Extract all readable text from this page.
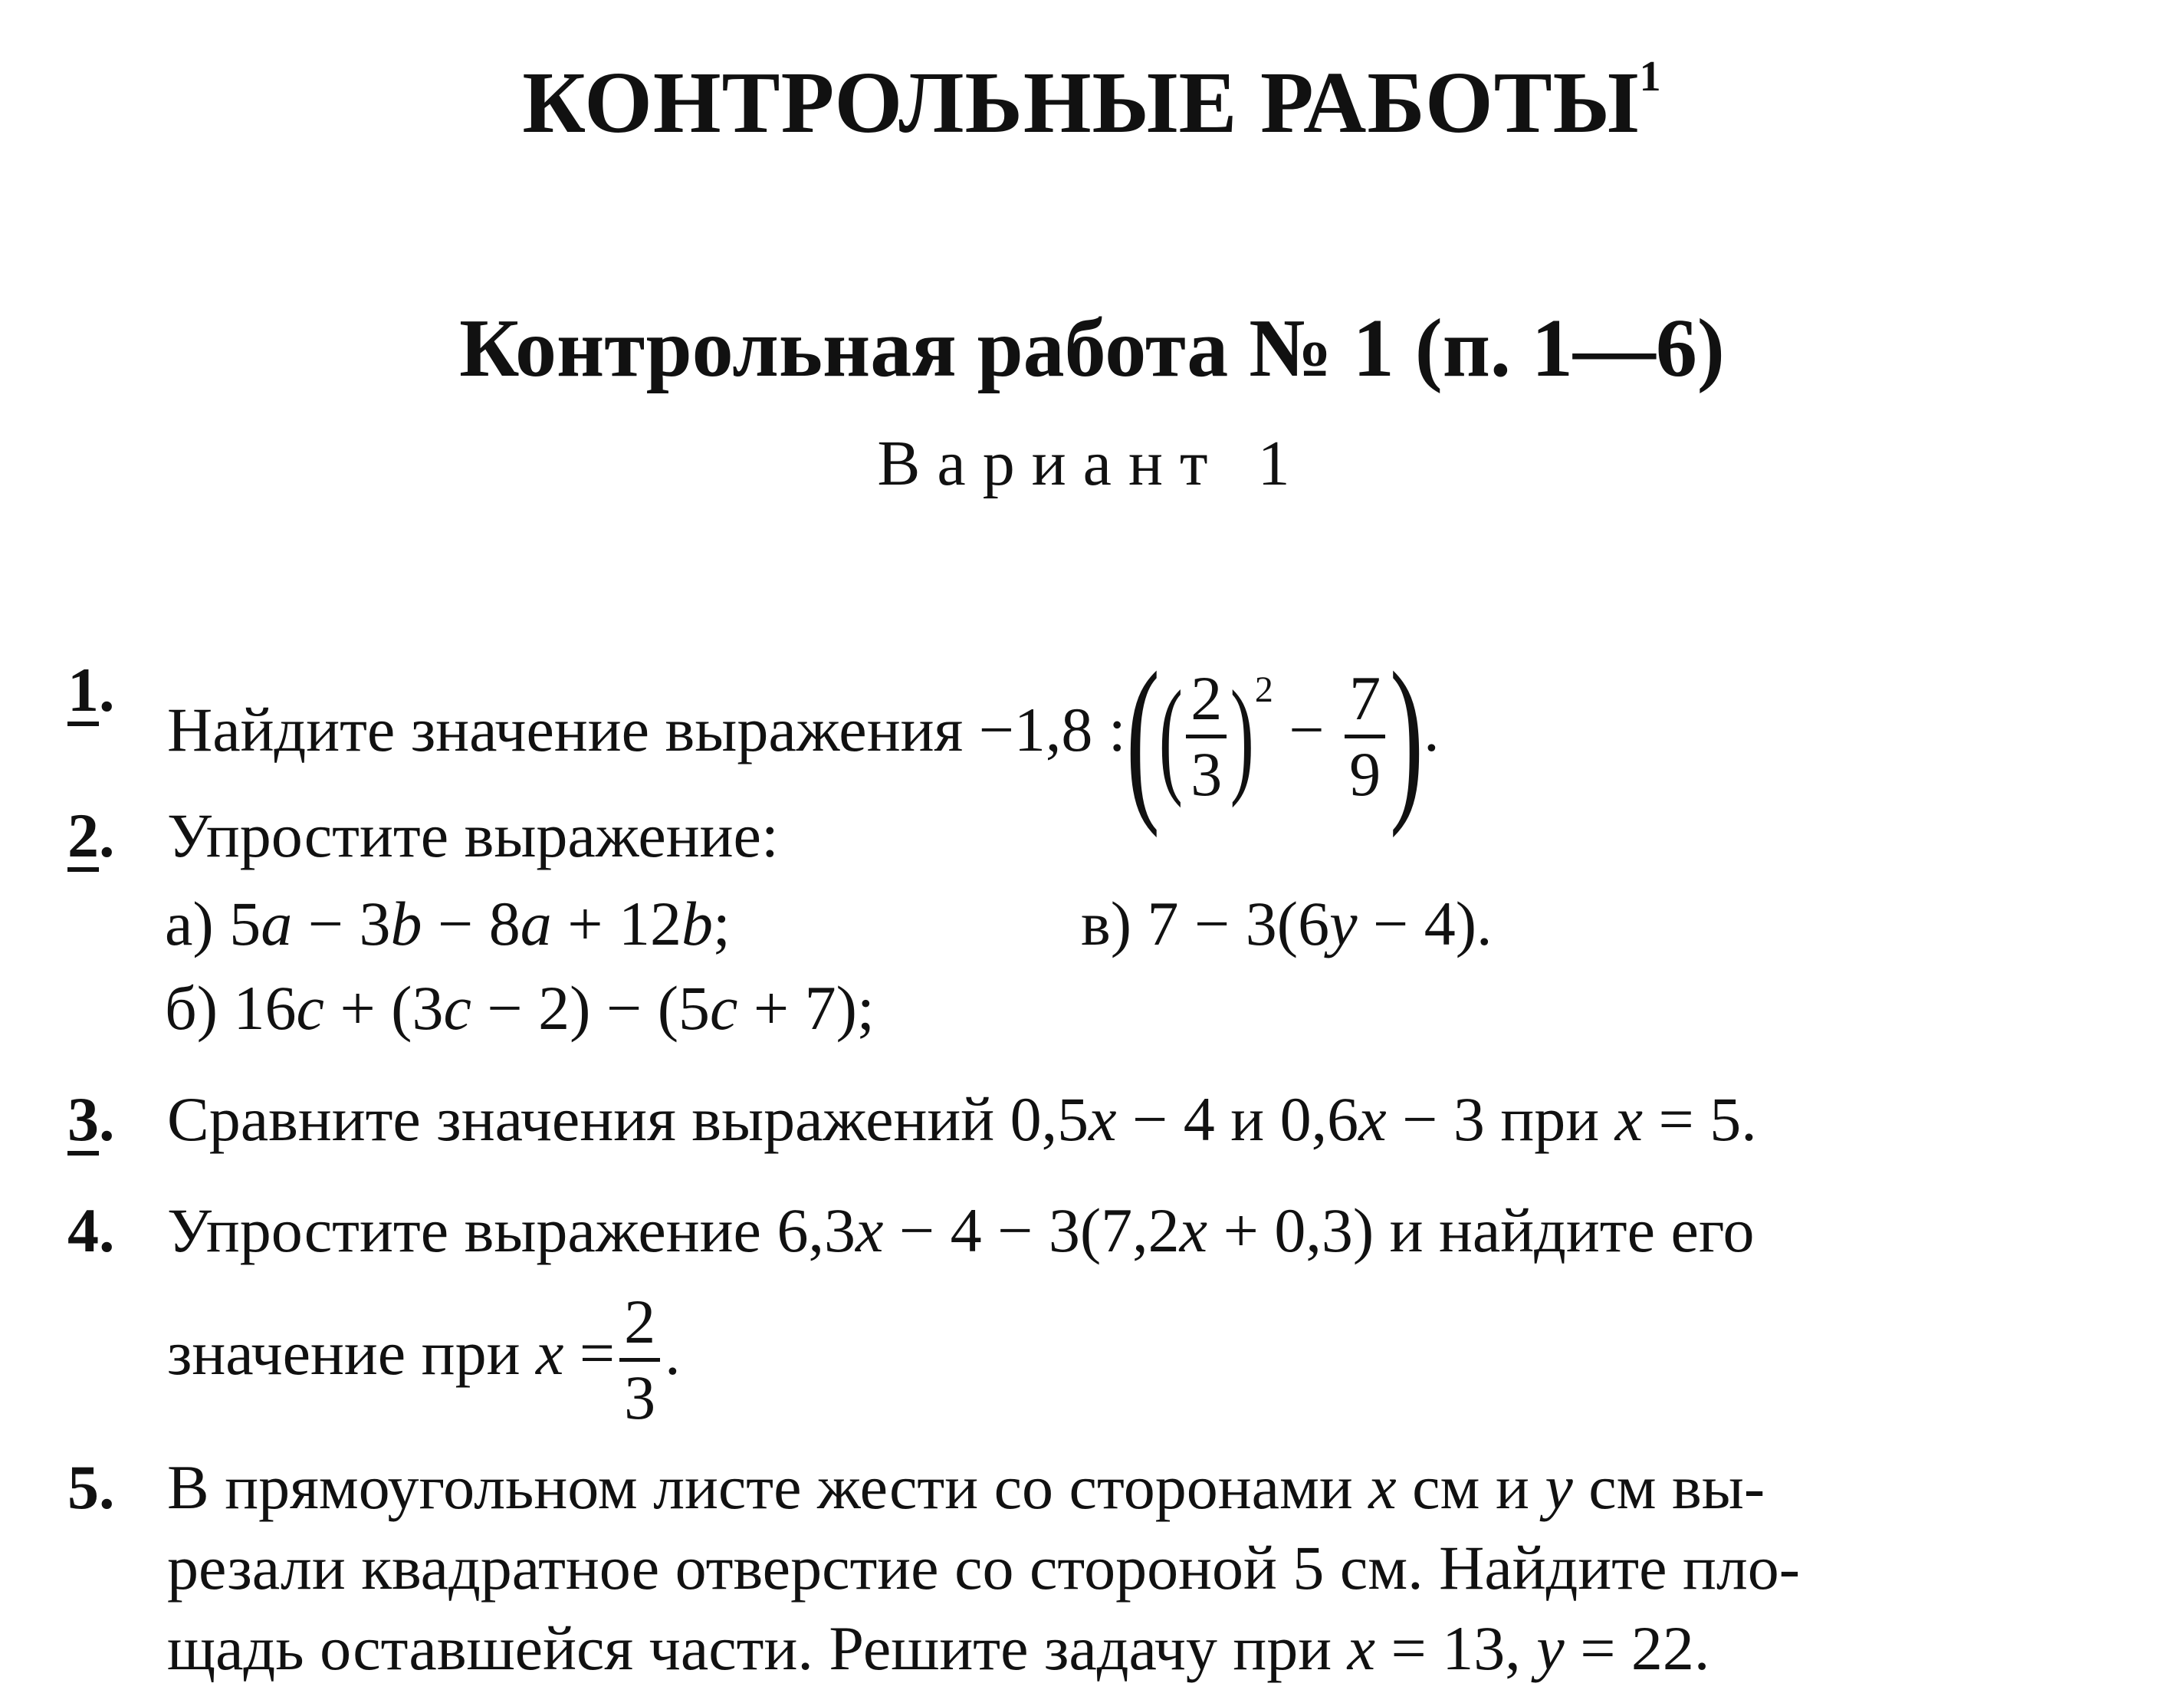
КОНТРОЛЬНЫЕ РАБОТЫ$^1$
Контрольная работа № 1 (п. 1—6)
Вариант 1
1.
Найдите значение выражения −1,8 :(( $\frac{2}{3} )^2 - \frac{7}{9}$ ).
2. Упростите выражение:
а) 5a − 3b − 8a + 12b;	в) 7 − 3(6y − 4).
б) 16c + (3c − 2) − (5c + 7);
3. Сравните значения выражений 0,5x − 4 и 0,6x − 3 при x = 5.
4. Упростите выражение 6,3x − 4 − 3(7,2x + 0,3) и найдите его
значение при $x = \frac{2}{3}$ .
5. В прямоугольном листе жести со сторонами x см и y см вы-
резали квадратное отверстие со стороной 5 см. Найдите пло-
щадь оставшейся части. Решите задачу при x = 13, y = 22.
